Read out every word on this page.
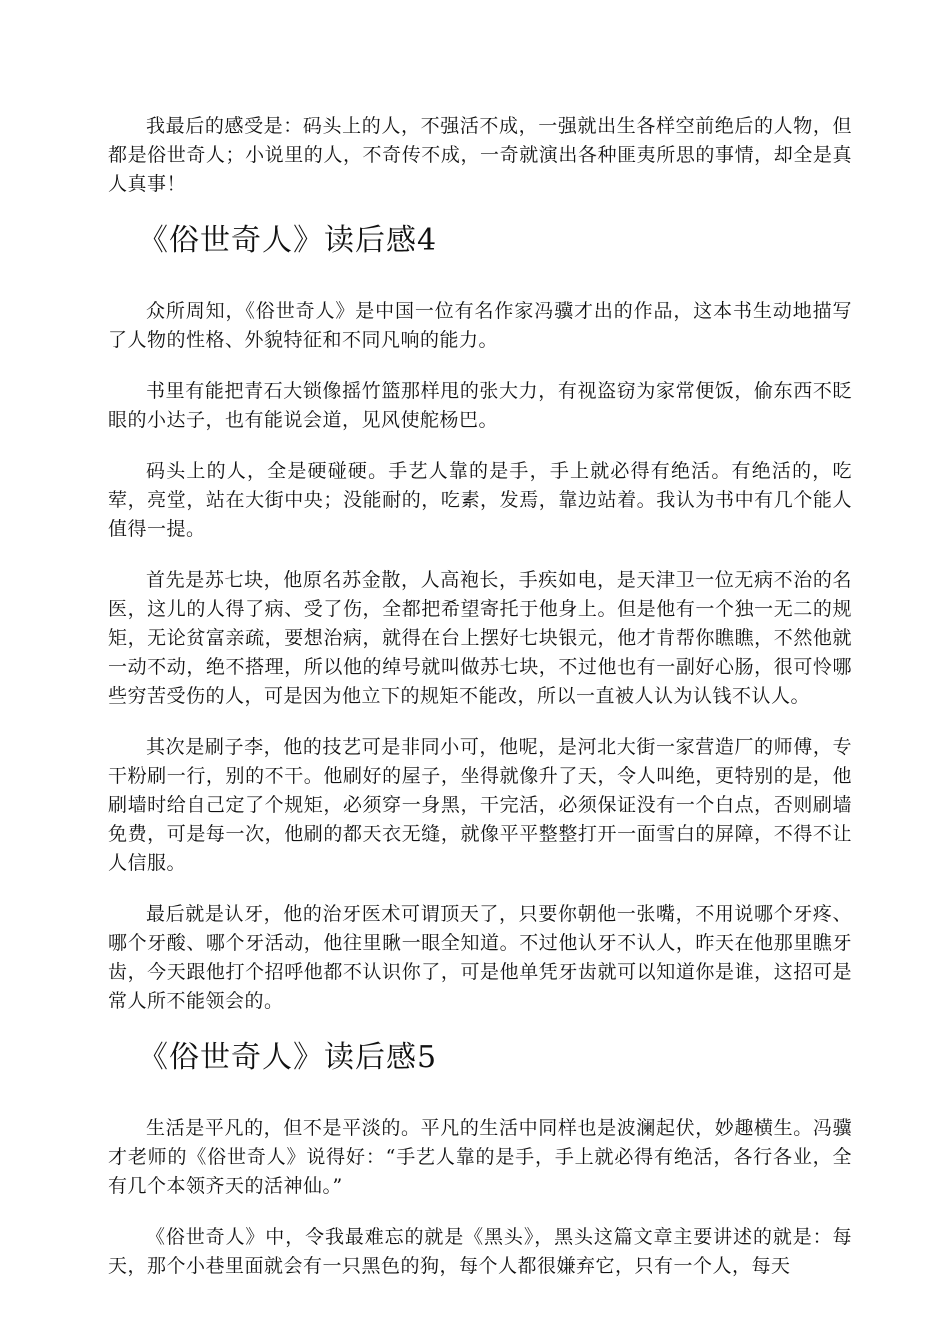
我最后的感受是：码头上的人，不强活不成，一强就出生各样空前绝后的人物，但都是俗世奇人；小说里的人，不奇传不成，一奇就演出各种匪夷所思的事情，却全是真人真事！

《俗世奇人》读后感4

众所周知，《俗世奇人》是中国一位有名作家冯骥才出的作品，这本书生动地描写了人物的性格、外貌特征和不同凡响的能力。

书里有能把青石大锁像摇竹篮那样甩的张大力，有视盗窃为家常便饭，偷东西不眨眼的小达子，也有能说会道，见风使舵杨巴。

码头上的人，全是硬碰硬。手艺人靠的是手，手上就必得有绝活。有绝活的，吃荤，亮堂，站在大街中央；没能耐的，吃素，发焉，靠边站着。我认为书中有几个能人值得一提。

首先是苏七块，他原名苏金散，人高袍长，手疾如电，是天津卫一位无病不治的名医，这儿的人得了病、受了伤，全都把希望寄托于他身上。但是他有一个独一无二的规矩，无论贫富亲疏，要想治病，就得在台上摆好七块银元，他才肯帮你瞧瞧，不然他就一动不动，绝不搭理，所以他的绰号就叫做苏七块，不过他也有一副好心肠，很可怜哪些穷苦受伤的人，可是因为他立下的规矩不能改，所以一直被人认为认钱不认人。

其次是刷子李，他的技艺可是非同小可，他呢，是河北大街一家营造厂的师傅，专干粉刷一行，别的不干。他刷好的屋子，坐得就像升了天，令人叫绝，更特别的是，他刷墙时给自己定了个规矩，必须穿一身黑，干完活，必须保证没有一个白点，否则刷墙免费，可是每一次，他刷的都天衣无缝，就像平平整整打开一面雪白的屏障，不得不让人信服。

最后就是认牙，他的治牙医术可谓顶天了，只要你朝他一张嘴，不用说哪个牙疼、哪个牙酸、哪个牙活动，他往里瞅一眼全知道。不过他认牙不认人，昨天在他那里瞧牙齿，今天跟他打个招呼他都不认识你了，可是他单凭牙齿就可以知道你是谁，这招可是常人所不能领会的。

《俗世奇人》读后感5

生活是平凡的，但不是平淡的。平凡的生活中同样也是波澜起伏，妙趣横生。冯骥才老师的《俗世奇人》说得好：“手艺人靠的是手，手上就必得有绝活，各行各业，全有几个本领齐天的活神仙。”

《俗世奇人》中，令我最难忘的就是《黑头》，黑头这篇文章主要讲述的就是：每天，那个小巷里面就会有一只黑色的狗，每个人都很嫌弃它，只有一个人，每天
